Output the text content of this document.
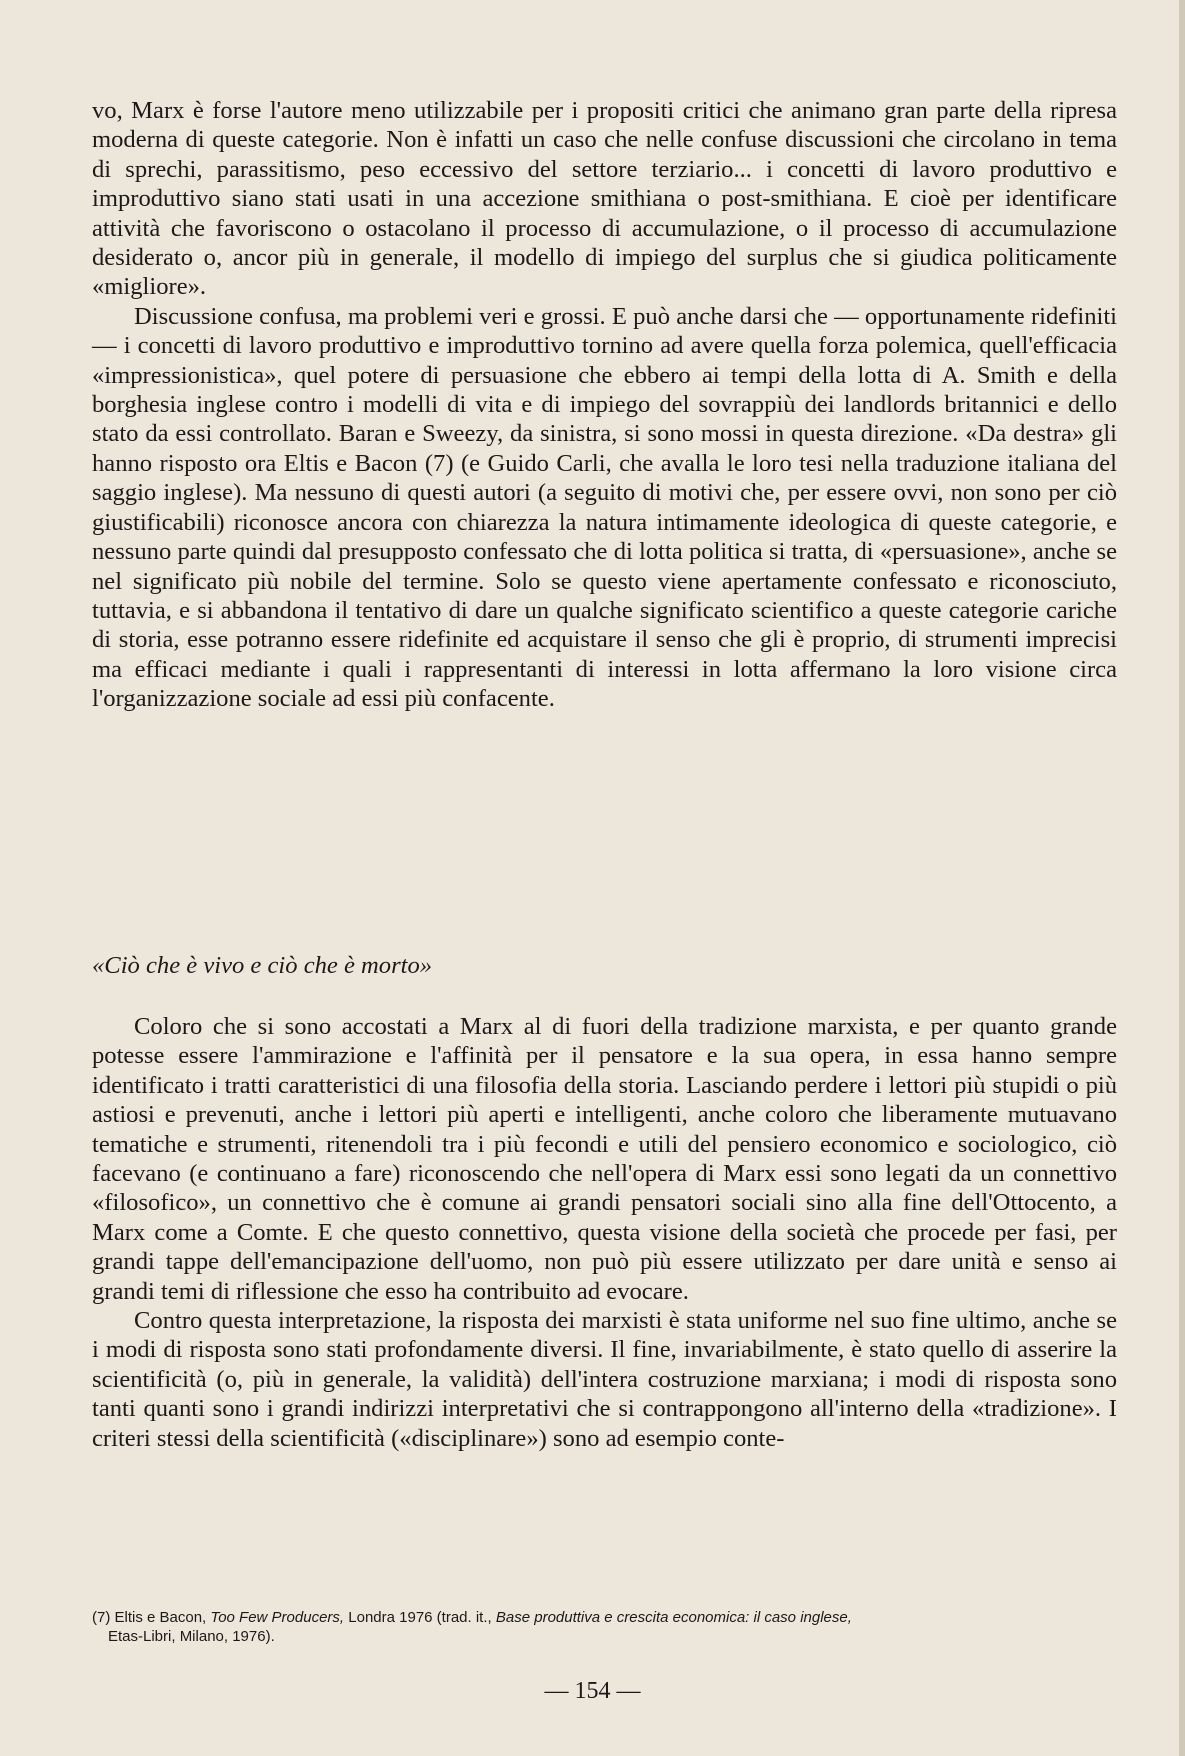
vo, Marx è forse l'autore meno utilizzabile per i propositi critici che animano gran parte della ripresa moderna di queste categorie. Non è infatti un caso che nelle confuse discussioni che circolano in tema di sprechi, parassitismo, peso eccessivo del settore terziario... i concetti di lavoro produttivo e improduttivo siano stati usati in una accezione smithiana o post-smithiana. E cioè per identificare attività che favoriscono o ostacolano il processo di accumulazione, o il processo di accumulazione desiderato o, ancor più in generale, il modello di impiego del surplus che si giudica politicamente «migliore».

Discussione confusa, ma problemi veri e grossi. E può anche darsi che — opportunamente ridefiniti — i concetti di lavoro produttivo e improduttivo tornino ad avere quella forza polemica, quell'efficacia «impressionistica», quel potere di persuasione che ebbero ai tempi della lotta di A. Smith e della borghesia inglese contro i modelli di vita e di impiego del sovrappiù dei landlords britannici e dello stato da essi controllato. Baran e Sweezy, da sinistra, si sono mossi in questa direzione. «Da destra» gli hanno risposto ora Eltis e Bacon (7) (e Guido Carli, che avalla le loro tesi nella traduzione italiana del saggio inglese). Ma nessuno di questi autori (a seguito di motivi che, per essere ovvi, non sono per ciò giustificabili) riconosce ancora con chiarezza la natura intimamente ideologica di queste categorie, e nessuno parte quindi dal presupposto confessato che di lotta politica si tratta, di «persuasione», anche se nel significato più nobile del termine. Solo se questo viene apertamente confessato e riconosciuto, tuttavia, e si abbandona il tentativo di dare un qualche significato scientifico a queste categorie cariche di storia, esse potranno essere ridefinite ed acquistare il senso che gli è proprio, di strumenti imprecisi ma efficaci mediante i quali i rappresentanti di interessi in lotta affermano la loro visione circa l'organizzazione sociale ad essi più confacente.

«Ciò che è vivo e ciò che è morto»

Coloro che si sono accostati a Marx al di fuori della tradizione marxista, e per quanto grande potesse essere l'ammirazione e l'affinità per il pensatore e la sua opera, in essa hanno sempre identificato i tratti caratteristici di una filosofia della storia. Lasciando perdere i lettori più stupidi o più astiosi e prevenuti, anche i lettori più aperti e intelligenti, anche coloro che liberamente mutuavano tematiche e strumenti, ritenendoli tra i più fecondi e utili del pensiero economico e sociologico, ciò facevano (e continuano a fare) riconoscendo che nell'opera di Marx essi sono legati da un connettivo «filosofico», un connettivo che è comune ai grandi pensatori sociali sino alla fine dell'Ottocento, a Marx come a Comte. E che questo connettivo, questa visione della società che procede per fasi, per grandi tappe dell'emancipazione dell'uomo, non può più essere utilizzato per dare unità e senso ai grandi temi di riflessione che esso ha contribuito ad evocare.

Contro questa interpretazione, la risposta dei marxisti è stata uniforme nel suo fine ultimo, anche se i modi di risposta sono stati profondamente diversi. Il fine, invariabilmente, è stato quello di asserire la scientificità (o, più in generale, la validità) dell'intera costruzione marxiana; i modi di risposta sono tanti quanti sono i grandi indirizzi interpretativi che si contrappongono all'interno della «tradizione». I criteri stessi della scientificità («disciplinare») sono ad esempio conte-

(7) Eltis e Bacon, Too Few Producers, Londra 1976 (trad. it., Base produttiva e crescita economica: il caso inglese,
Etas-Libri, Milano, 1976).
— 154 —
